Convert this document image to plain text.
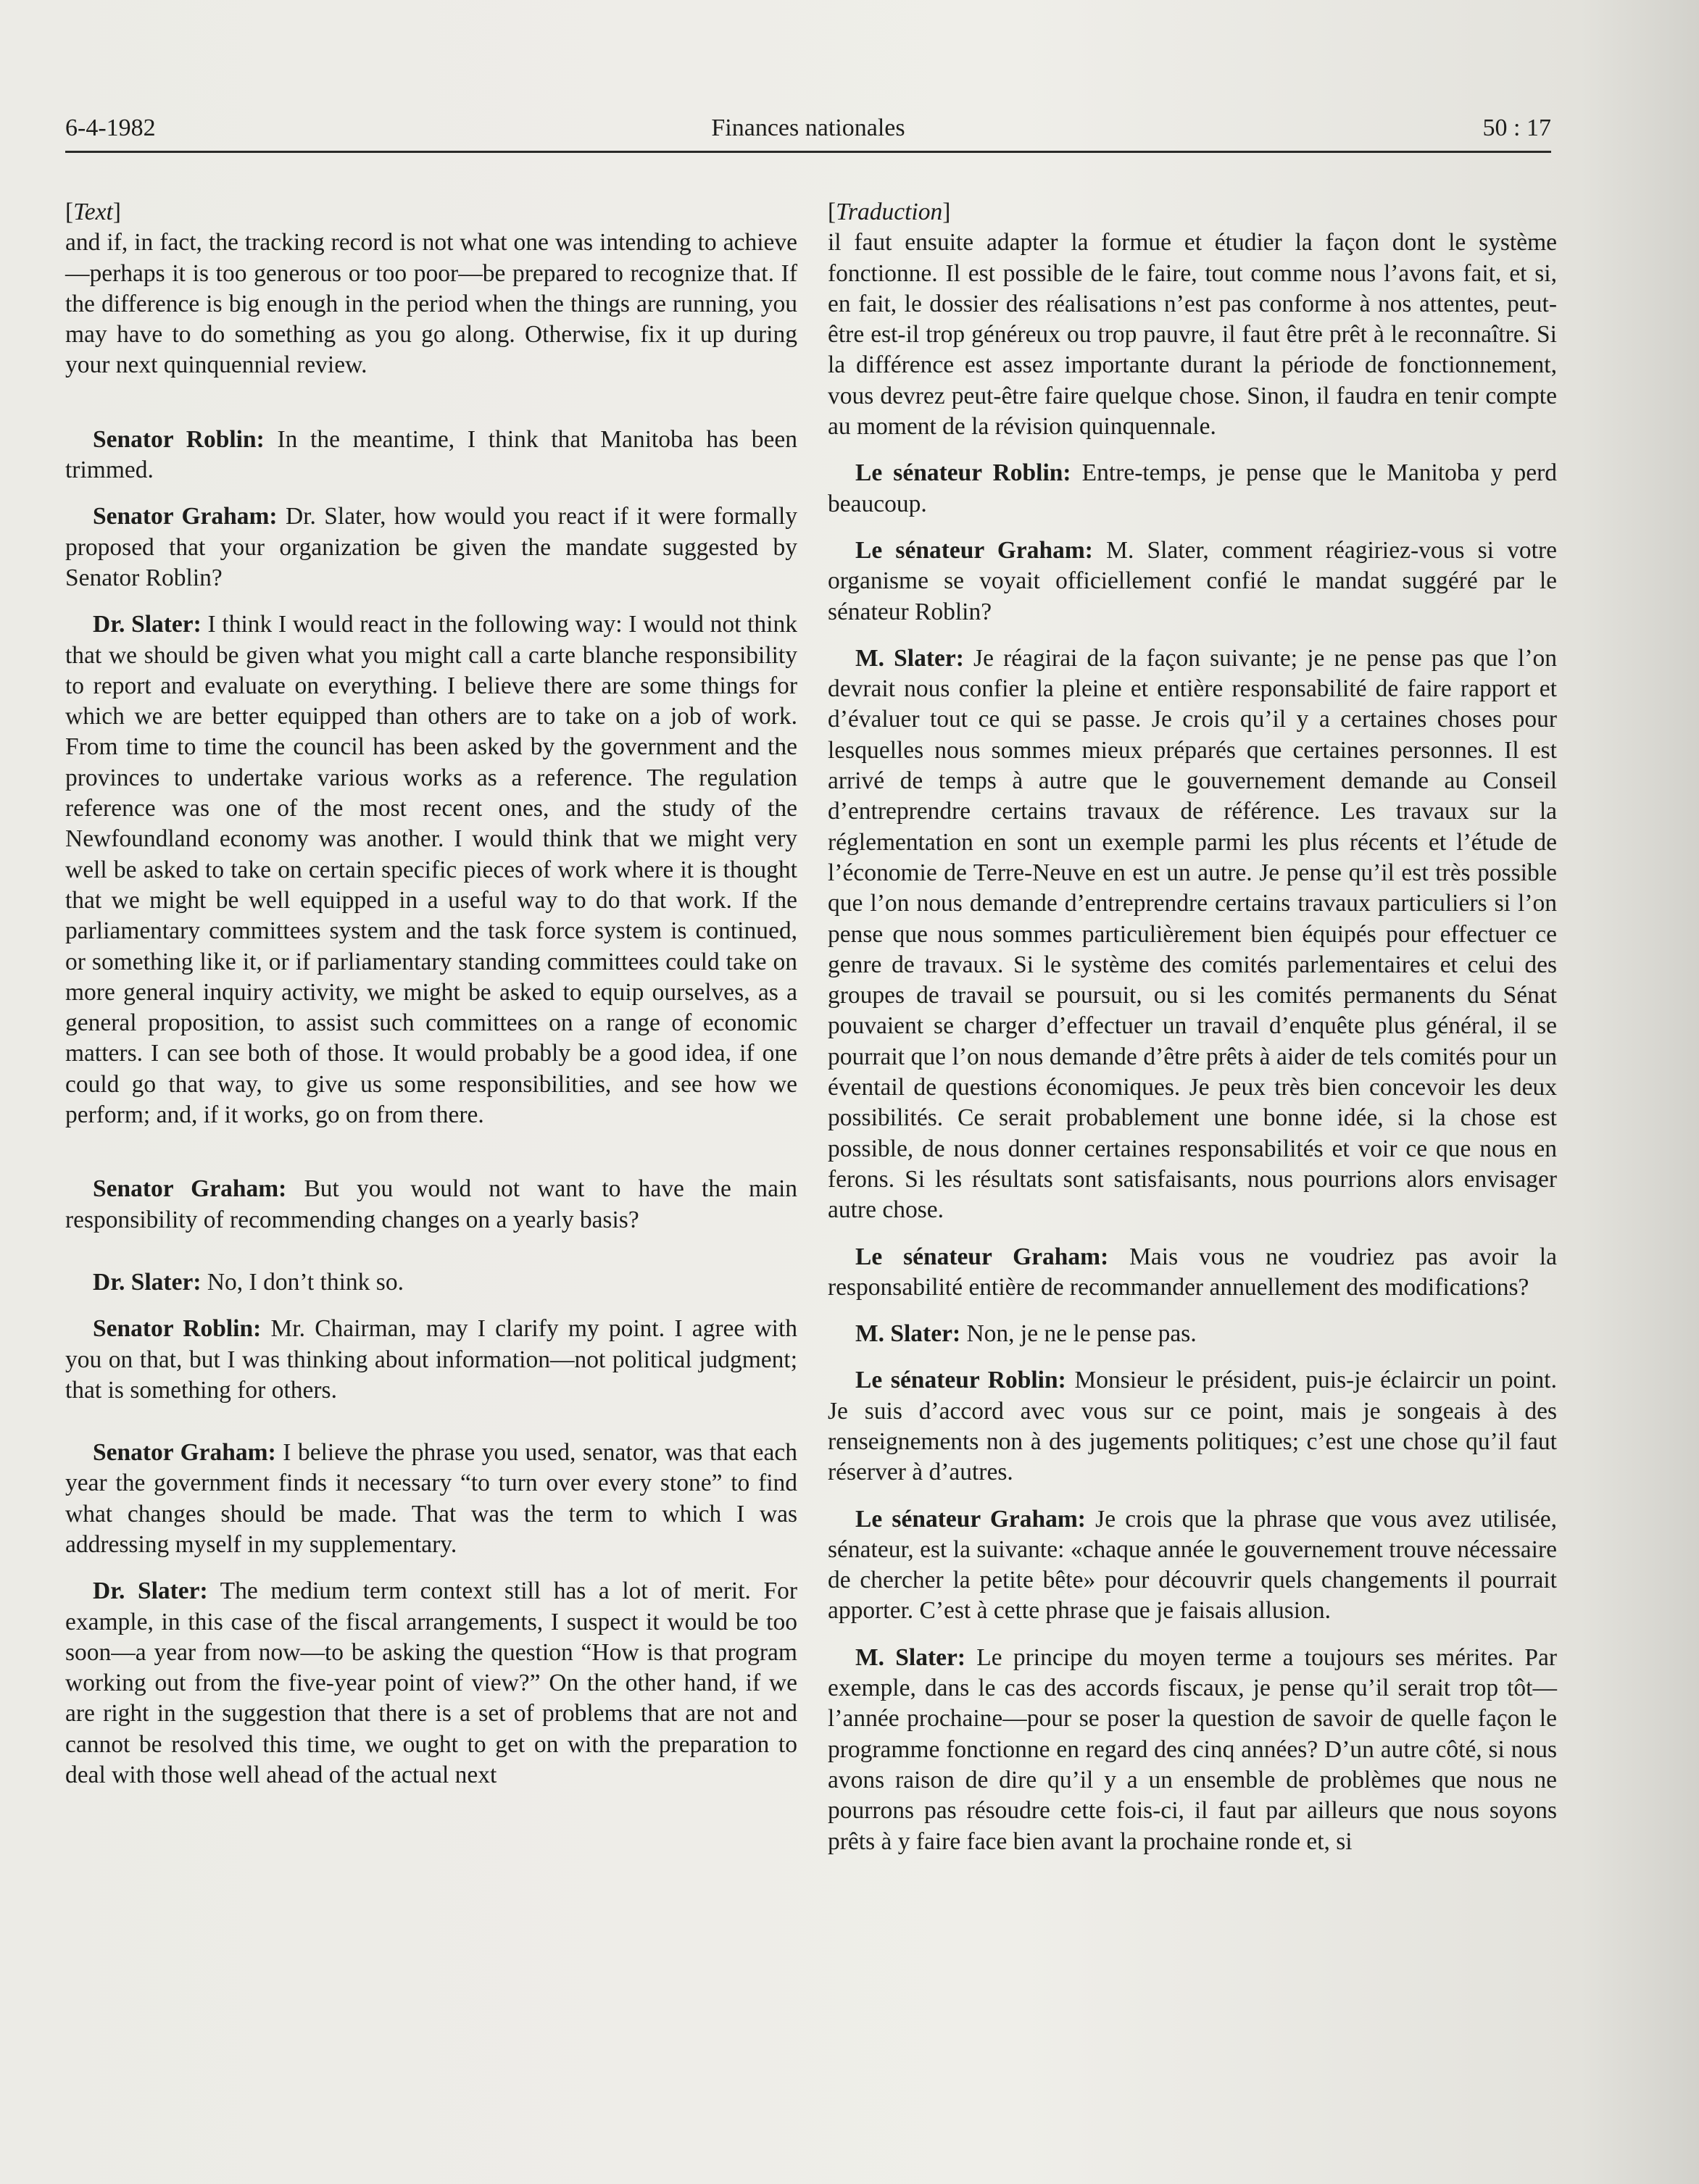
6-4-1982	Finances nationales	50 : 17
[Text]

and if, in fact, the tracking record is not what one was intending to achieve—perhaps it is too generous or too poor—be prepared to recognize that. If the difference is big enough in the period when the things are running, you may have to do something as you go along. Otherwise, fix it up during your next quinquennial review.

Senator Roblin: In the meantime, I think that Manitoba has been trimmed.

Senator Graham: Dr. Slater, how would you react if it were formally proposed that your organization be given the mandate suggested by Senator Roblin?

Dr. Slater: I think I would react in the following way: I would not think that we should be given what you might call a carte blanche responsibility to report and evaluate on everything. I believe there are some things for which we are better equipped than others are to take on a job of work. From time to time the council has been asked by the government and the provinces to undertake various works as a reference. The regulation reference was one of the most recent ones, and the study of the Newfoundland economy was another. I would think that we might very well be asked to take on certain specific pieces of work where it is thought that we might be well equipped in a useful way to do that work. If the parliamentary committees system and the task force system is continued, or something like it, or if parliamentary standing committees could take on more general inquiry activity, we might be asked to equip ourselves, as a general proposition, to assist such committees on a range of economic matters. I can see both of those. It would probably be a good idea, if one could go that way, to give us some responsibilities, and see how we perform; and, if it works, go on from there.

Senator Graham: But you would not want to have the main responsibility of recommending changes on a yearly basis?

Dr. Slater: No, I don’t think so.

Senator Roblin: Mr. Chairman, may I clarify my point. I agree with you on that, but I was thinking about information—not political judgment; that is something for others.

Senator Graham: I believe the phrase you used, senator, was that each year the government finds it necessary “to turn over every stone” to find what changes should be made. That was the term to which I was addressing myself in my supplementary.

Dr. Slater: The medium term context still has a lot of merit. For example, in this case of the fiscal arrangements, I suspect it would be too soon—a year from now—to be asking the question “How is that program working out from the five-year point of view?” On the other hand, if we are right in the suggestion that there is a set of problems that are not and cannot be resolved this time, we ought to get on with the preparation to deal with those well ahead of the actual next

[Traduction]

il faut ensuite adapter la formue et étudier la façon dont le système fonctionne. Il est possible de le faire, tout comme nous l’avons fait, et si, en fait, le dossier des réalisations n’est pas conforme à nos attentes, peut-être est-il trop généreux ou trop pauvre, il faut être prêt à le reconnaître. Si la différence est assez importante durant la période de fonctionnement, vous devrez peut-être faire quelque chose. Sinon, il faudra en tenir compte au moment de la révision quinquennale.

Le sénateur Roblin: Entre-temps, je pense que le Manitoba y perd beaucoup.

Le sénateur Graham: M. Slater, comment réagiriez-vous si votre organisme se voyait officiellement confié le mandat suggéré par le sénateur Roblin?

M. Slater: Je réagirai de la façon suivante; je ne pense pas que l’on devrait nous confier la pleine et entière responsabilité de faire rapport et d’évaluer tout ce qui se passe. Je crois qu’il y a certaines choses pour lesquelles nous sommes mieux préparés que certaines personnes. Il est arrivé de temps à autre que le gouvernement demande au Conseil d’entreprendre certains travaux de référence. Les travaux sur la réglementation en sont un exemple parmi les plus récents et l’étude de l’économie de Terre-Neuve en est un autre. Je pense qu’il est très possible que l’on nous demande d’entreprendre certains travaux particuliers si l’on pense que nous sommes particulièrement bien équipés pour effectuer ce genre de travaux. Si le système des comités parlementaires et celui des groupes de travail se poursuit, ou si les comités permanents du Sénat pouvaient se charger d’effectuer un travail d’enquête plus général, il se pourrait que l’on nous demande d’être prêts à aider de tels comités pour un éventail de questions économiques. Je peux très bien concevoir les deux possibilités. Ce serait probablement une bonne idée, si la chose est possible, de nous donner certaines responsabilités et voir ce que nous en ferons. Si les résultats sont satisfaisants, nous pourrions alors envisager autre chose.

Le sénateur Graham: Mais vous ne voudriez pas avoir la responsabilité entière de recommander annuellement des modifications?

M. Slater: Non, je ne le pense pas.

Le sénateur Roblin: Monsieur le président, puis-je éclaircir un point. Je suis d’accord avec vous sur ce point, mais je songeais à des renseignements non à des jugements politiques; c’est une chose qu’il faut réserver à d’autres.

Le sénateur Graham: Je crois que la phrase que vous avez utilisée, sénateur, est la suivante: «chaque année le gouvernement trouve nécessaire de chercher la petite bête» pour découvrir quels changements il pourrait apporter. C’est à cette phrase que je faisais allusion.

M. Slater: Le principe du moyen terme a toujours ses mérites. Par exemple, dans le cas des accords fiscaux, je pense qu’il serait trop tôt—l’année prochaine—pour se poser la question de savoir de quelle façon le programme fonctionne en regard des cinq années? D’un autre côté, si nous avons raison de dire qu’il y a un ensemble de problèmes que nous ne pourrons pas résoudre cette fois-ci, il faut par ailleurs que nous soyons prêts à y faire face bien avant la prochaine ronde et, si
